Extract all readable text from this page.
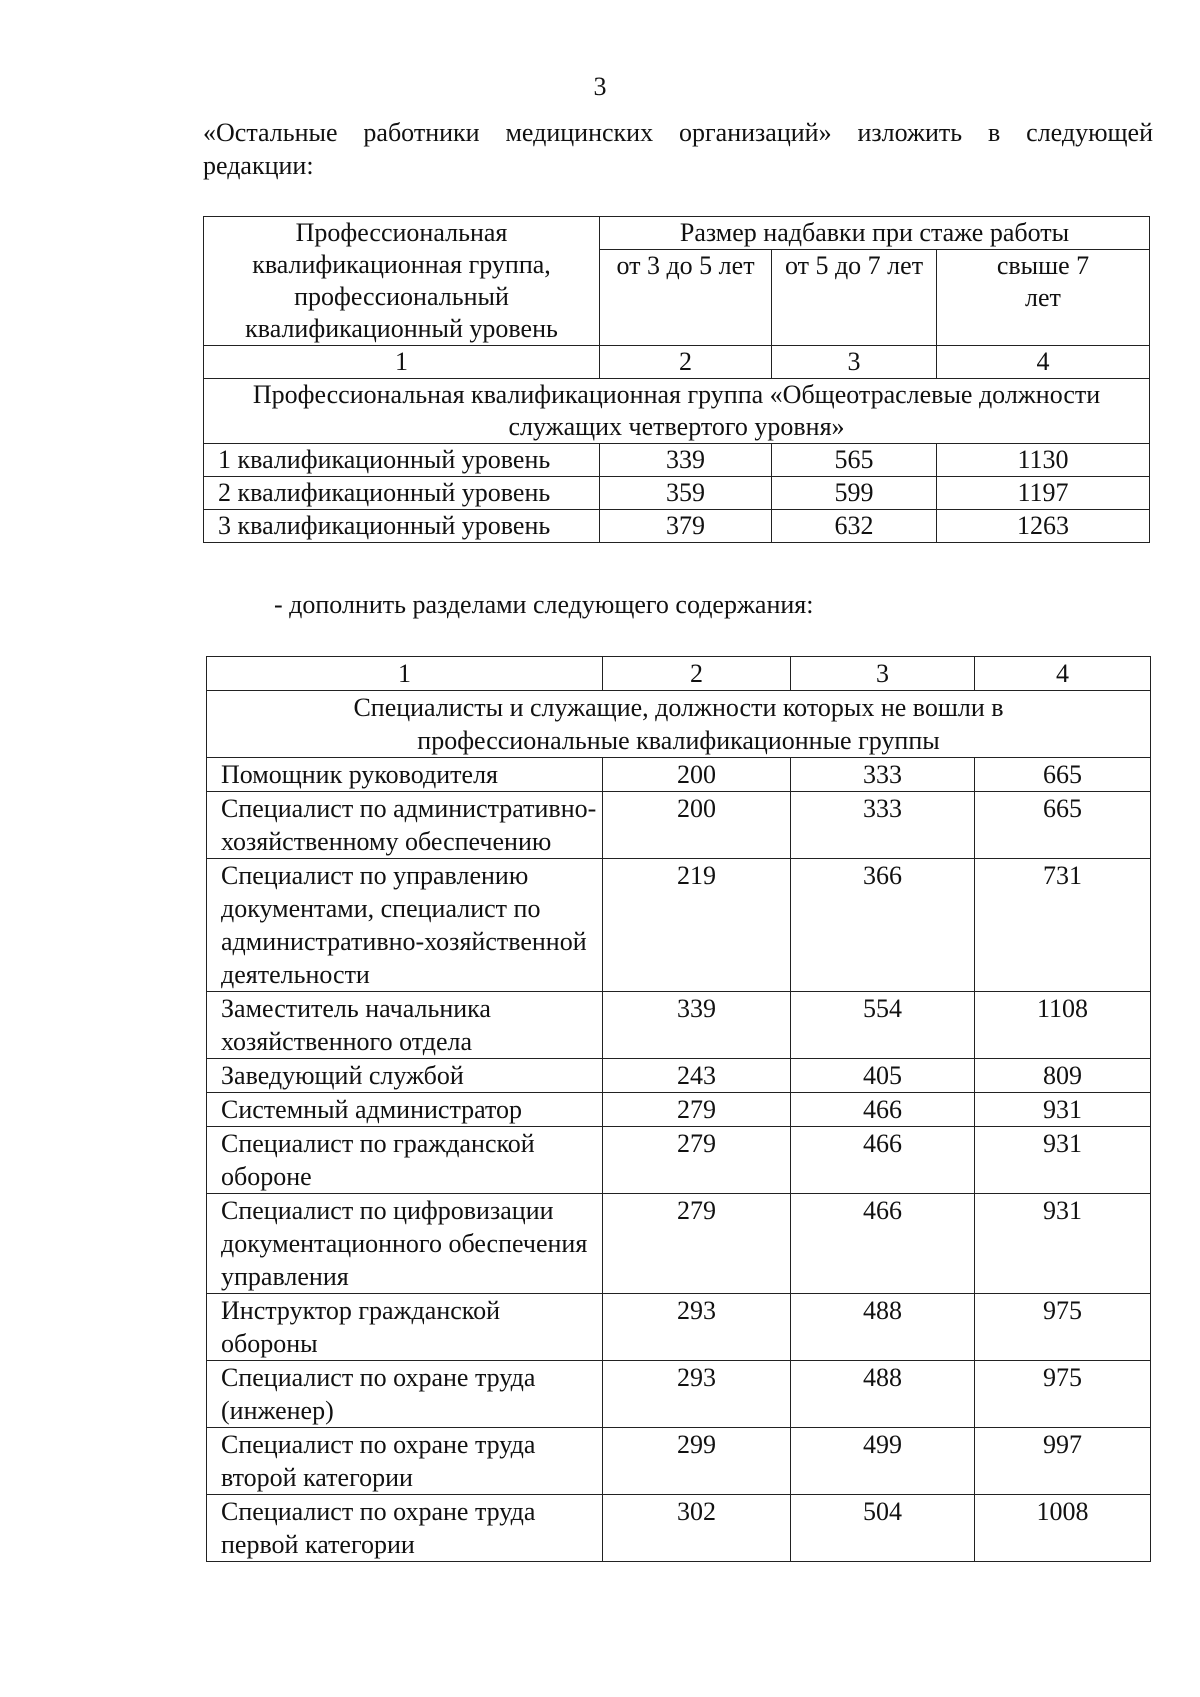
3
«Остальные работники медицинских организаций» изложить в следующей редакции:
Профессиональная квалификационная группа, профессиональный квалификационный уровень	Размер надбавки при стаже работы		
	от 3 до 5 лет	от 5 до 7 лет	свыше 7 лет
1	2	3	4
Профессиональная квалификационная группа «Общеотраслевые должности служащих четвертого уровня»			
1 квалификационный уровень	339	565	1130
2 квалификационный уровень	359	599	1197
3 квалификационный уровень	379	632	1263
- дополнить разделами следующего содержания:
1	2	3	4
Специалисты и служащие, должности которых не вошли в профессиональные квалификационные группы			
Помощник руководителя	200	333	665
Специалист по административно-хозяйственному обеспечению	200	333	665
Специалист по управлению документами, специалист по административно-хозяйственной деятельности	219	366	731
Заместитель начальника хозяйственного отдела	339	554	1108
Заведующий службой	243	405	809
Системный администратор	279	466	931
Специалист по гражданской обороне	279	466	931
Специалист по цифровизации документационного обеспечения управления	279	466	931
Инструктор гражданской обороны	293	488	975
Специалист по охране труда (инженер)	293	488	975
Специалист по охране труда второй категории	299	499	997
Специалист по охране труда первой категории	302	504	1008
